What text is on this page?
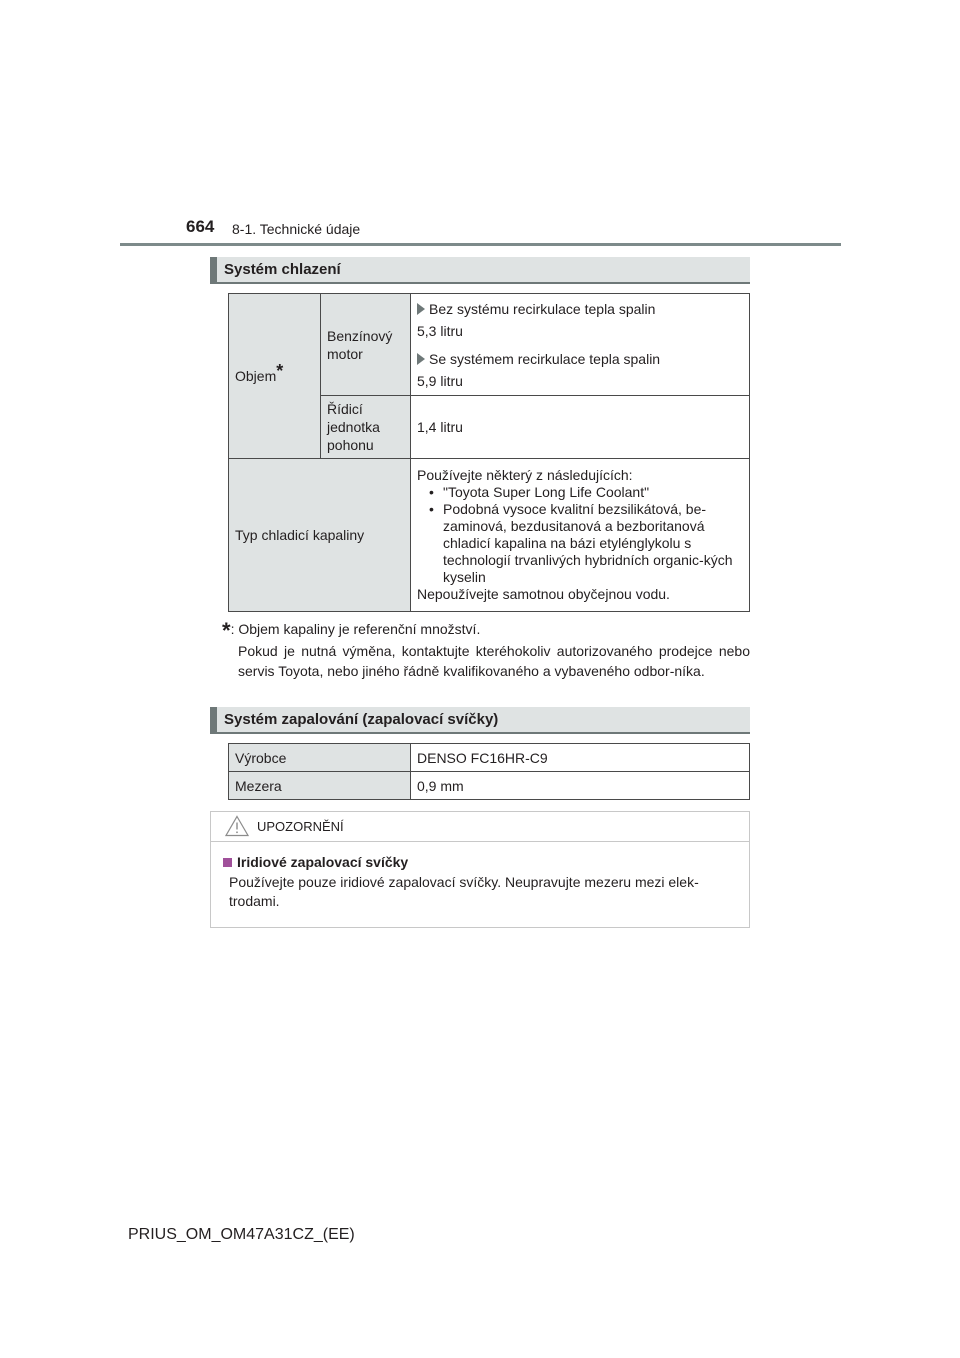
664 8-1. Technické údaje
Systém chlazení
Objem*	Benzínový motor	Bez systému recirkulace tepla spalin
5,3 litru
Se systémem recirkulace tepla spalin
5,9 litru

	Řídicí jednotka pohonu	1,4 litru
Typ chladicí kapaliny		Používejte některý z následujících:
• "Toyota Super Long Life Coolant"
• Podobná vysoce kvalitní bezsilikátová, be-zaminová, bezdusitanová a bezboritanová chladicí kapalina na bázi etylénglykolu s technologií trvanlivých hybridních organic-kých kyselin
Nepoužívejte samotnou obyčejnou vodu.
*: Objem kapaliny je referenční množství.
Pokud je nutná výměna, kontaktujte kteréhokoliv autorizovaného prodejce nebo servis Toyota, nebo jiného řádně kvalifikovaného a vybaveného odbor-níka.
Systém zapalování (zapalovací svíčky)
Výrobce	DENSO FC16HR-C9
Mezera	0,9 mm
UPOZORNĚNÍ
Iridiové zapalovací svíčky
Používejte pouze iridiové zapalovací svíčky. Neupravujte mezeru mezi elek-trodami.
PRIUS_OM_OM47A31CZ_(EE)
